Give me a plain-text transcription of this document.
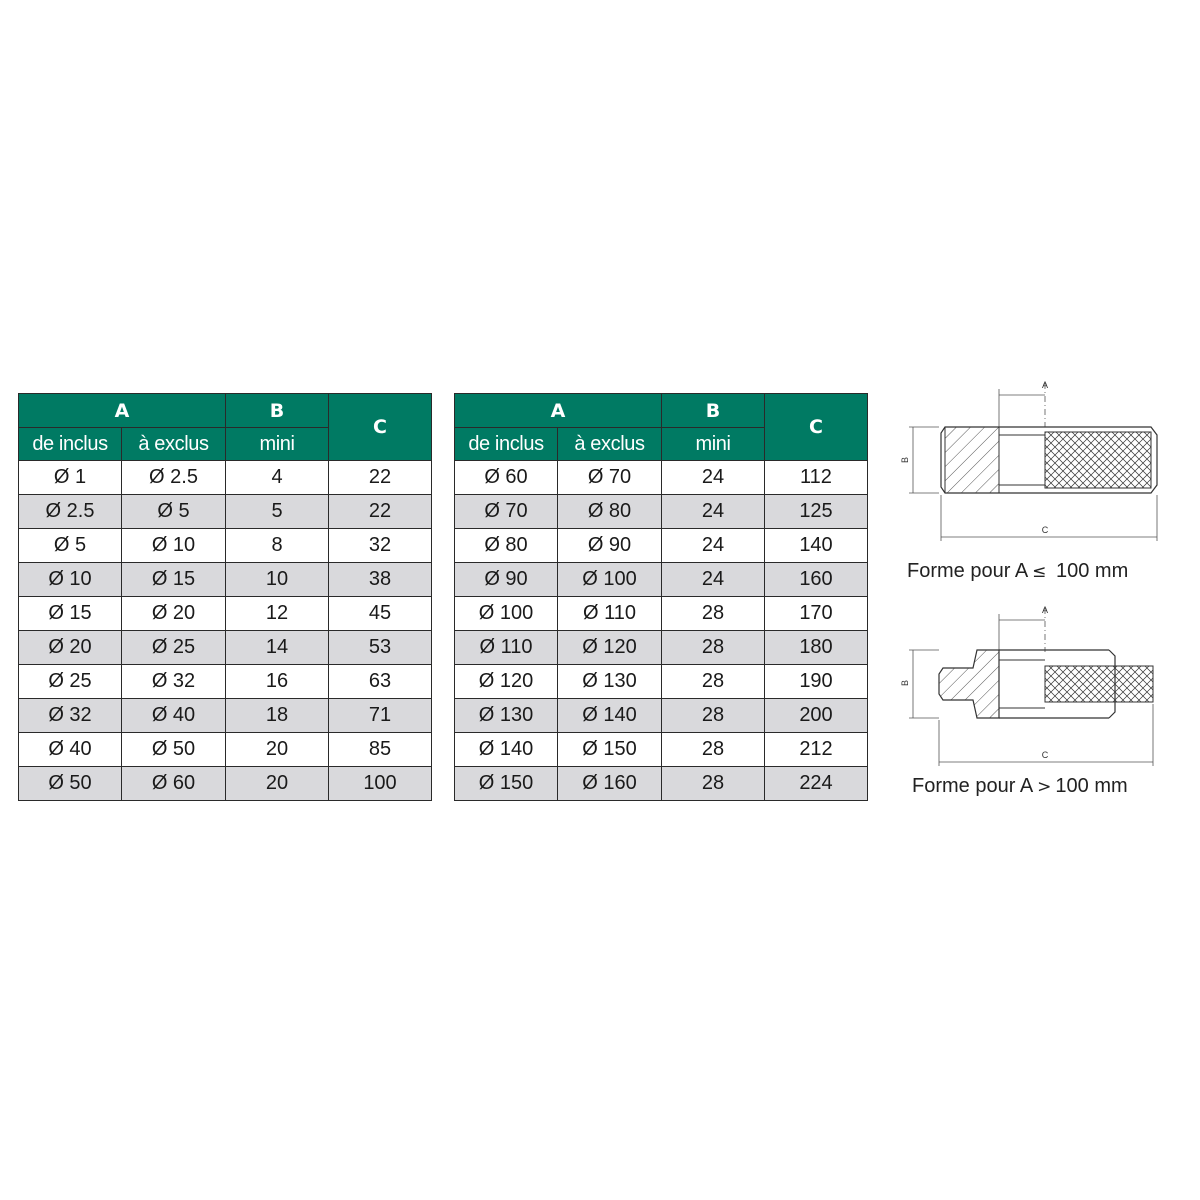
A		B	C
de inclus	à exclus	mini	
Ø 1	Ø 2.5	4	22
Ø 2.5	Ø 5	5	22
Ø 5	Ø 10	8	32
Ø 10	Ø 15	10	38
Ø 15	Ø 20	12	45
Ø 20	Ø 25	14	53
Ø 25	Ø 32	16	63
Ø 32	Ø 40	18	71
Ø 40	Ø 50	20	85
Ø 50	Ø 60	20	100
A		B	C
de inclus	à exclus	mini	
Ø 60	Ø 70	24	112
Ø 70	Ø 80	24	125
Ø 80	Ø 90	24	140
Ø 90	Ø 100	24	160
Ø 100	Ø 110	28	170
Ø 110	Ø 120	28	180
Ø 120	Ø 130	28	190
Ø 130	Ø 140	28	200
Ø 140	Ø 150	28	212
Ø 150	Ø 160	28	224
A
B
C
Forme pour A ≤ 100 mm
A
B
C
Forme pour A > 100 mm
